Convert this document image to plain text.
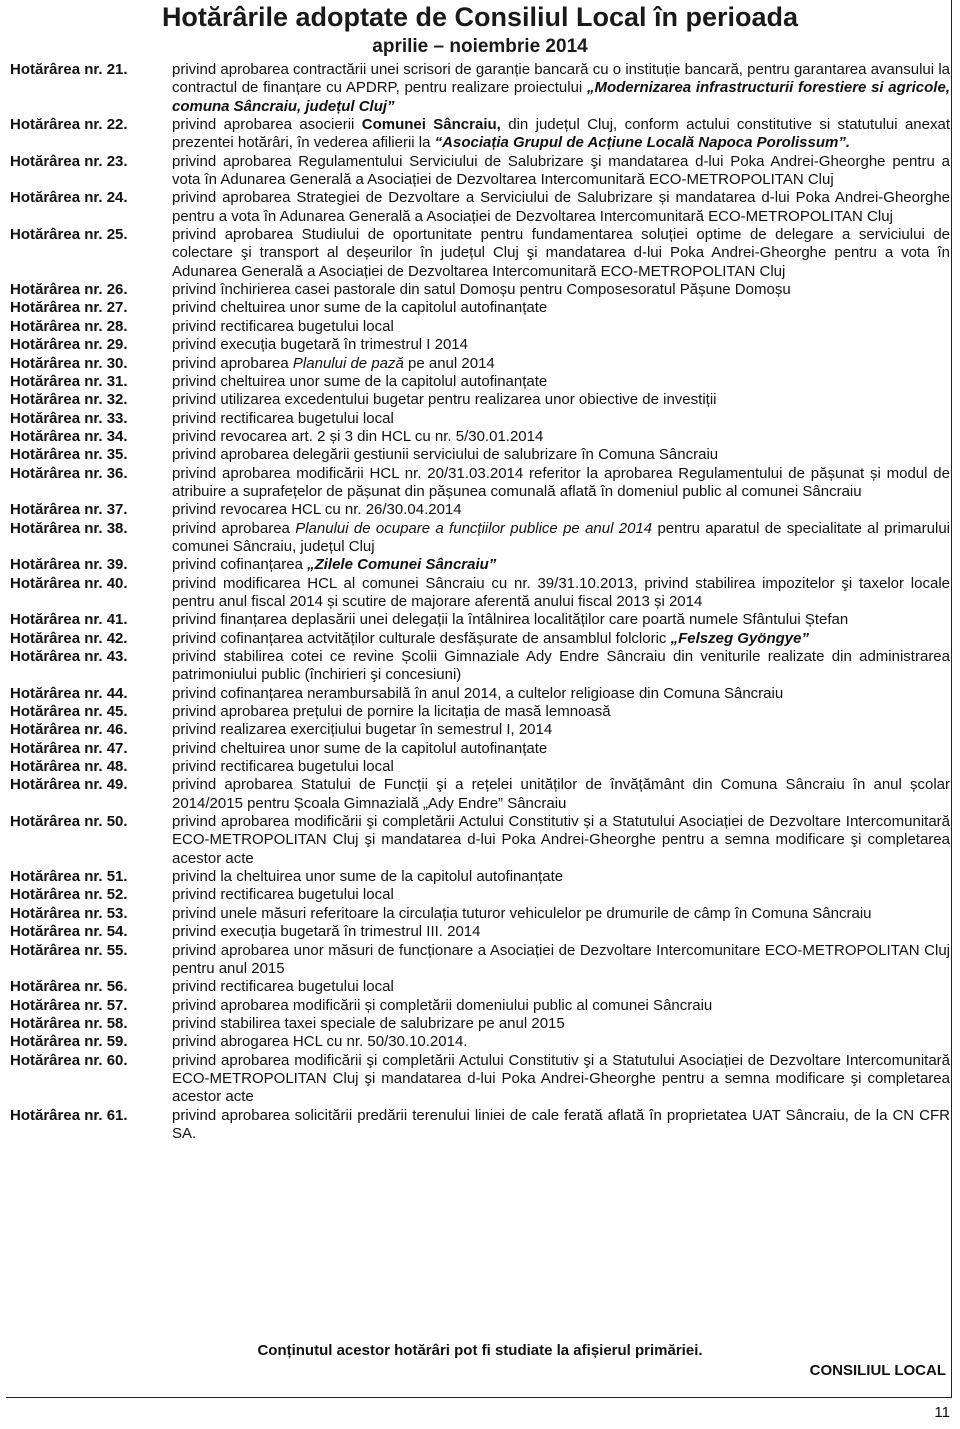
Hotărârile adoptate de Consiliul Local în perioada
aprilie – noiembrie 2014
Hotărârea nr. 21.	privind aprobarea contractării unei scrisori de garanție bancară cu o instituție bancară, pentru garantarea avansului la contractul de finanțare cu APDRP, pentru realizare proiectului „Modernizarea infrastructurii forestiere si agricole, comuna Sâncraiu, județul Cluj”
Hotărârea nr. 22.	privind aprobarea asocierii Comunei Sâncraiu, din județul Cluj, conform actului constitutive si statutului anexat prezentei hotărâri, în vederea afilierii la “Asociația Grupul de Acțiune Locală Napoca Porolissum”.
Hotărârea nr. 23.	privind aprobarea Regulamentului Serviciului de Salubrizare şi mandatarea d-lui Poka Andrei-Gheorghe pentru a vota în Adunarea Generală a Asociației de Dezvoltarea Intercomunitară ECO-METROPOLITAN Cluj
Hotărârea nr. 24.	privind aprobarea Strategiei de Dezvoltare a Serviciului de Salubrizare și mandatarea d-lui Poka Andrei-Gheorghe pentru a vota în Adunarea Generală a Asociației de Dezvoltarea Intercomunitară ECO-METROPOLITAN Cluj
Hotărârea nr. 25.	privind aprobarea Studiului de oportunitate pentru fundamentarea soluției optime de delegare a serviciului de colectare şi transport al deșeurilor în județul Cluj şi mandatarea d-lui Poka Andrei-Gheorghe pentru a vota în Adunarea Generală a Asociației de Dezvoltarea Intercomunitară ECO-METROPOLITAN Cluj
Hotărârea nr. 26.	privind închirierea casei pastorale din satul Domoșu pentru Composesoratul Pășune Domoșu
Hotărârea nr. 27.	privind cheltuirea unor sume de la capitolul autofinanțate
Hotărârea nr. 28.	privind rectificarea bugetului local
Hotărârea nr. 29.	privind execuția bugetară în trimestrul I 2014
Hotărârea nr. 30.	privind aprobarea Planului de pază pe anul 2014
Hotărârea nr. 31.	privind cheltuirea unor sume de la capitolul autofinanțate
Hotărârea nr. 32.	privind utilizarea excedentului bugetar pentru realizarea unor obiective de investiții
Hotărârea nr. 33.	privind rectificarea bugetului local
Hotărârea nr. 34.	privind revocarea art. 2 și 3 din HCL cu nr. 5/30.01.2014
Hotărârea nr. 35.	privind aprobarea delegării gestiunii serviciului de salubrizare în Comuna Sâncraiu
Hotărârea nr. 36.	privind aprobarea modificării HCL nr. 20/31.03.2014 referitor la aprobarea Regulamentului de pășunat și modul de atribuire a suprafețelor de pășunat din pășunea comunală aflată în domeniul public al comunei Sâncraiu
Hotărârea nr. 37.	privind revocarea HCL cu nr. 26/30.04.2014
Hotărârea nr. 38.	privind aprobarea Planului de ocupare a funcțiilor publice pe anul 2014 pentru aparatul de specialitate al primarului comunei Sâncraiu, județul Cluj
Hotărârea nr. 39.	privind cofinanțarea „Zilele Comunei Sâncraiu”
Hotărârea nr. 40.	privind modificarea HCL al comunei Sâncraiu cu nr. 39/31.10.2013, privind stabilirea impozitelor şi taxelor locale pentru anul fiscal 2014 și scutire de majorare aferentă anului fiscal 2013 și 2014
Hotărârea nr. 41.	privind finanțarea deplasării unei delegații la întâlnirea localităților care poartă numele Sfântului Ștefan
Hotărârea nr. 42.	privind cofinanțarea actvităților culturale desfășurate de ansamblul folcloric „Felszeg Gyöngye”
Hotărârea nr. 43.	privind stabilirea cotei ce revine Școlii Gimnaziale Ady Endre Sâncraiu din veniturile realizate din administrarea patrimoniului public (închirieri şi concesiuni)
Hotărârea nr. 44.	privind cofinanțarea nerambursabilă în anul 2014, a cultelor religioase din Comuna Sâncraiu
Hotărârea nr. 45.	privind aprobarea prețului de pornire la licitația de masă lemnoasă
Hotărârea nr. 46.	privind realizarea exercițiului bugetar în semestrul I, 2014
Hotărârea nr. 47.	privind cheltuirea unor sume de la capitolul autofinanțate
Hotărârea nr. 48.	privind rectificarea bugetului local
Hotărârea nr. 49.	privind aprobarea Statului de Funcții şi a rețelei unităților de învățământ din Comuna Sâncraiu în anul școlar 2014/2015 pentru Școala Gimnazială „Ady Endre” Sâncraiu
Hotărârea nr. 50.	privind aprobarea modificării şi completării Actului Constitutiv și a Statutului Asociației de Dezvoltare Intercomunitară ECO-METROPOLITAN Cluj şi mandatarea d-lui Poka Andrei-Gheorghe pentru a semna modificare şi completarea acestor acte
Hotărârea nr. 51.	privind la cheltuirea unor sume de la capitolul autofinanțate
Hotărârea nr. 52.	privind rectificarea bugetului local
Hotărârea nr. 53.	privind unele măsuri referitoare la circulația tuturor vehiculelor pe drumurile de câmp în Comuna Sâncraiu
Hotărârea nr. 54.	privind execuția bugetară în trimestrul III. 2014
Hotărârea nr. 55.	privind aprobarea unor măsuri de funcționare a Asociației de Dezvoltare Intercomunitare ECO-METROPOLITAN Cluj pentru anul 2015
Hotărârea nr. 56.	privind rectificarea bugetului local
Hotărârea nr. 57.	privind aprobarea modificării și completării domeniului public al comunei Sâncraiu
Hotărârea nr. 58.	privind stabilirea taxei speciale de salubrizare pe anul 2015
Hotărârea nr. 59.	privind abrogarea HCL cu nr. 50/30.10.2014.
Hotărârea nr. 60.	privind aprobarea modificării şi completării Actului Constitutiv şi a Statutului Asociației de Dezvoltare Intercomunitară ECO-METROPOLITAN Cluj şi mandatarea d-lui Poka Andrei-Gheorghe pentru a semna modificare şi completarea acestor acte
Hotărârea nr. 61.	privind aprobarea solicitării predării terenului liniei de cale ferată aflată în proprietatea UAT Sâncraiu, de la CN CFR SA.
Conținutul acestor hotărâri pot fi studiate la afișierul primăriei.
CONSILIUL LOCAL
11
